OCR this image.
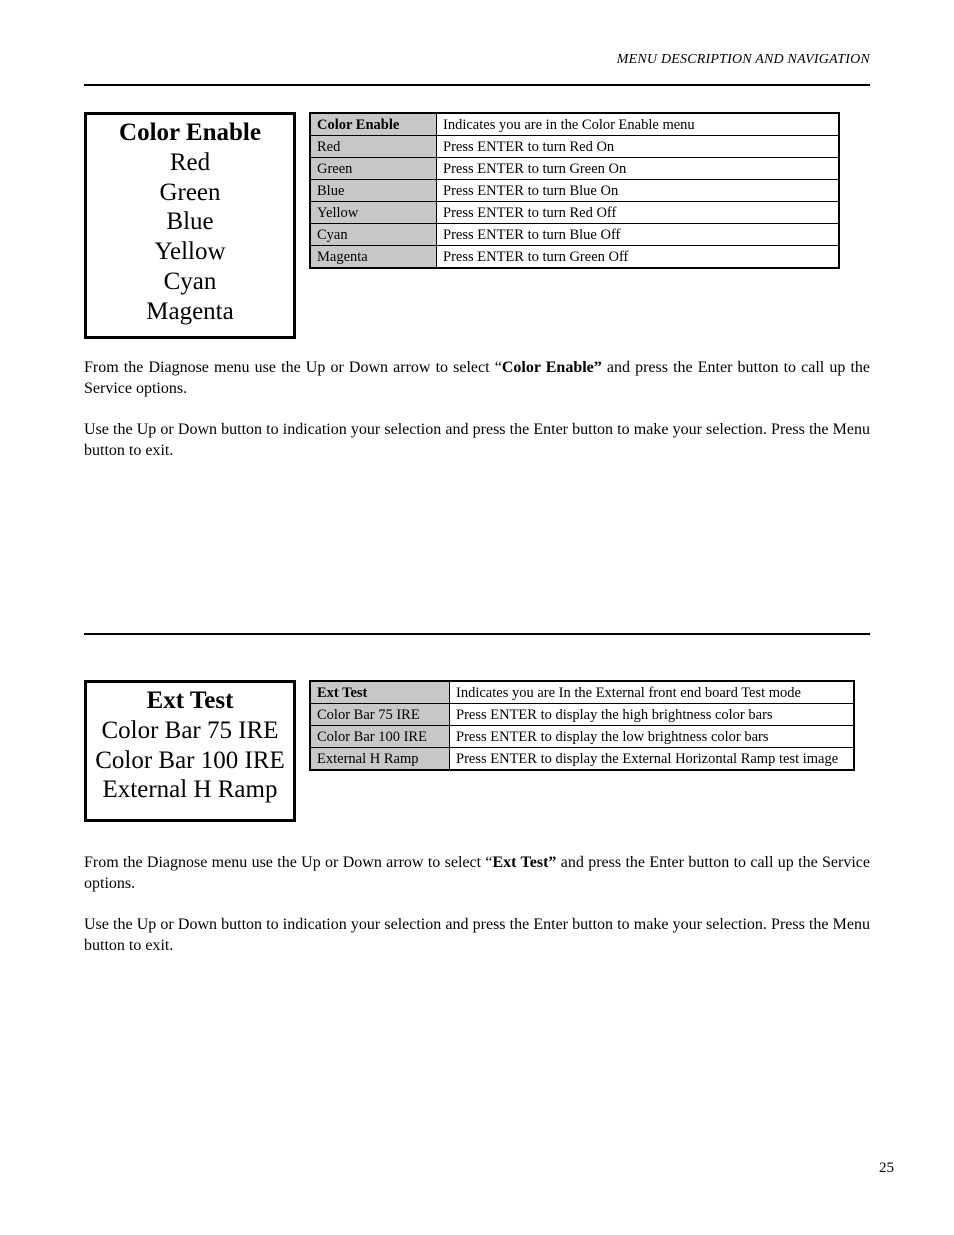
MENU DESCRIPTION AND NAVIGATION
Color Enable
Red
Green
Blue
Yellow
Cyan
Magenta
Color Enable	Indicates you are in the Color Enable menu
Red	Press ENTER to turn Red On
Green	Press ENTER to turn Green On
Blue	Press ENTER to turn Blue On
Yellow	Press ENTER to turn Red Off
Cyan	Press ENTER to turn Blue Off
Magenta	Press ENTER to turn Green Off
From the Diagnose menu use the Up or Down arrow to select “Color Enable” and press the Enter button to call up the Service options.
Use the Up or Down button to indication your selection and press the Enter button to make your selection. Press the Menu button to exit.
Ext Test
Color Bar 75 IRE
Color Bar 100 IRE
External H Ramp
Ext Test	Indicates you are In the External front end board Test mode
Color Bar 75 IRE	Press ENTER to display the high brightness color bars
Color Bar 100 IRE	Press ENTER to display the low brightness color bars
External H Ramp	Press ENTER to display the External Horizontal Ramp test image
From the Diagnose menu use the Up or Down arrow to select “Ext Test” and press the Enter button to call up the Service options.
Use the Up or Down button to indication your selection and press the Enter button to make your selection. Press the Menu button to exit.
25
